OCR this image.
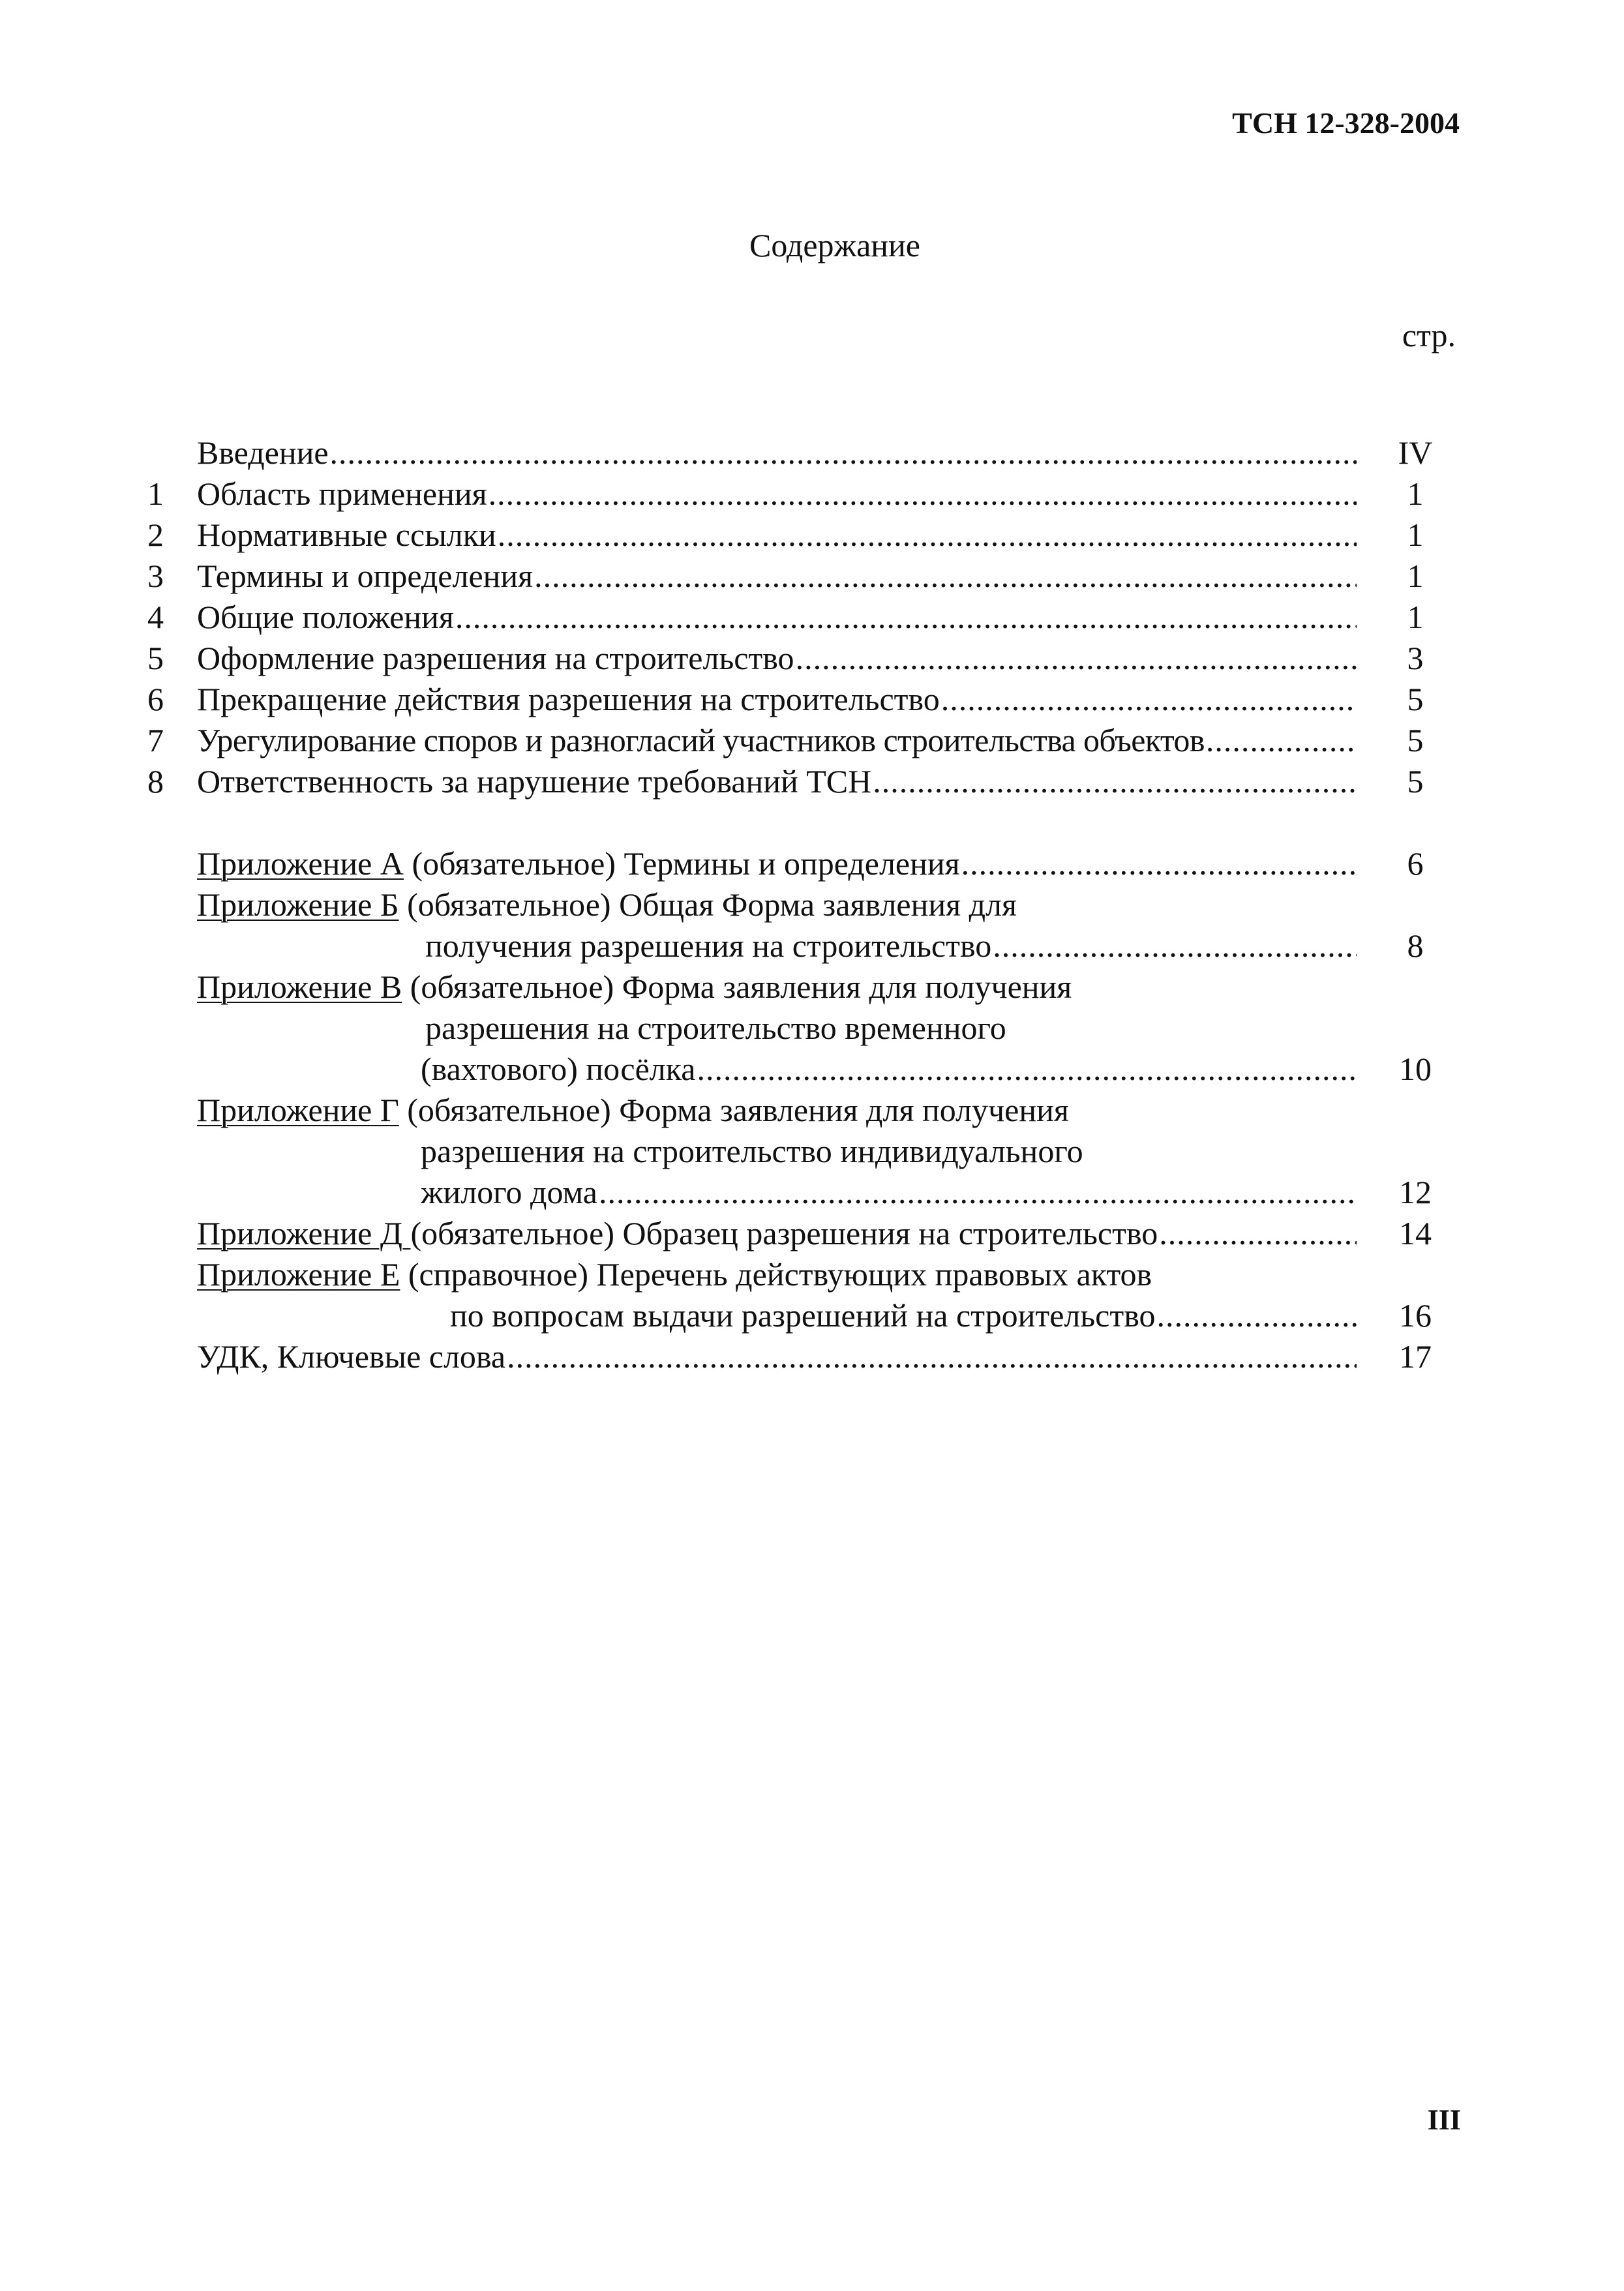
ТСН 12-328-2004
Содержание
стр.
Введение .....	IV
1	Область применения .....	1
2	Нормативные ссылки .....	1
3	Термины и определения .....	1
4	Общие положения .....	1
5	Оформление разрешения на строительство .....	3
6	Прекращение действия разрешения на строительство .....	5
7	Урегулирование споров и разногласий участников строительства объектов .....	5
8	Ответственность за нарушение требований ТСН .....	5
Приложение А (обязательное) Термины и определения .....	6
Приложение Б (обязательное) Общая Форма заявления для
получения разрешения на строительство .....	8
Приложение В (обязательное) Форма заявления для получения
разрешения на строительство временного
(вахтового) посёлка .....	10
Приложение Г (обязательное) Форма заявления для получения
разрешения на строительство индивидуального
жилого дома .....	12
Приложение Д (обязательное) Образец разрешения на строительство .....	14
Приложение Е (справочное) Перечень действующих правовых актов
по вопросам выдачи разрешений на строительство .....	16
УДК, Ключевые слова .....	17
III
